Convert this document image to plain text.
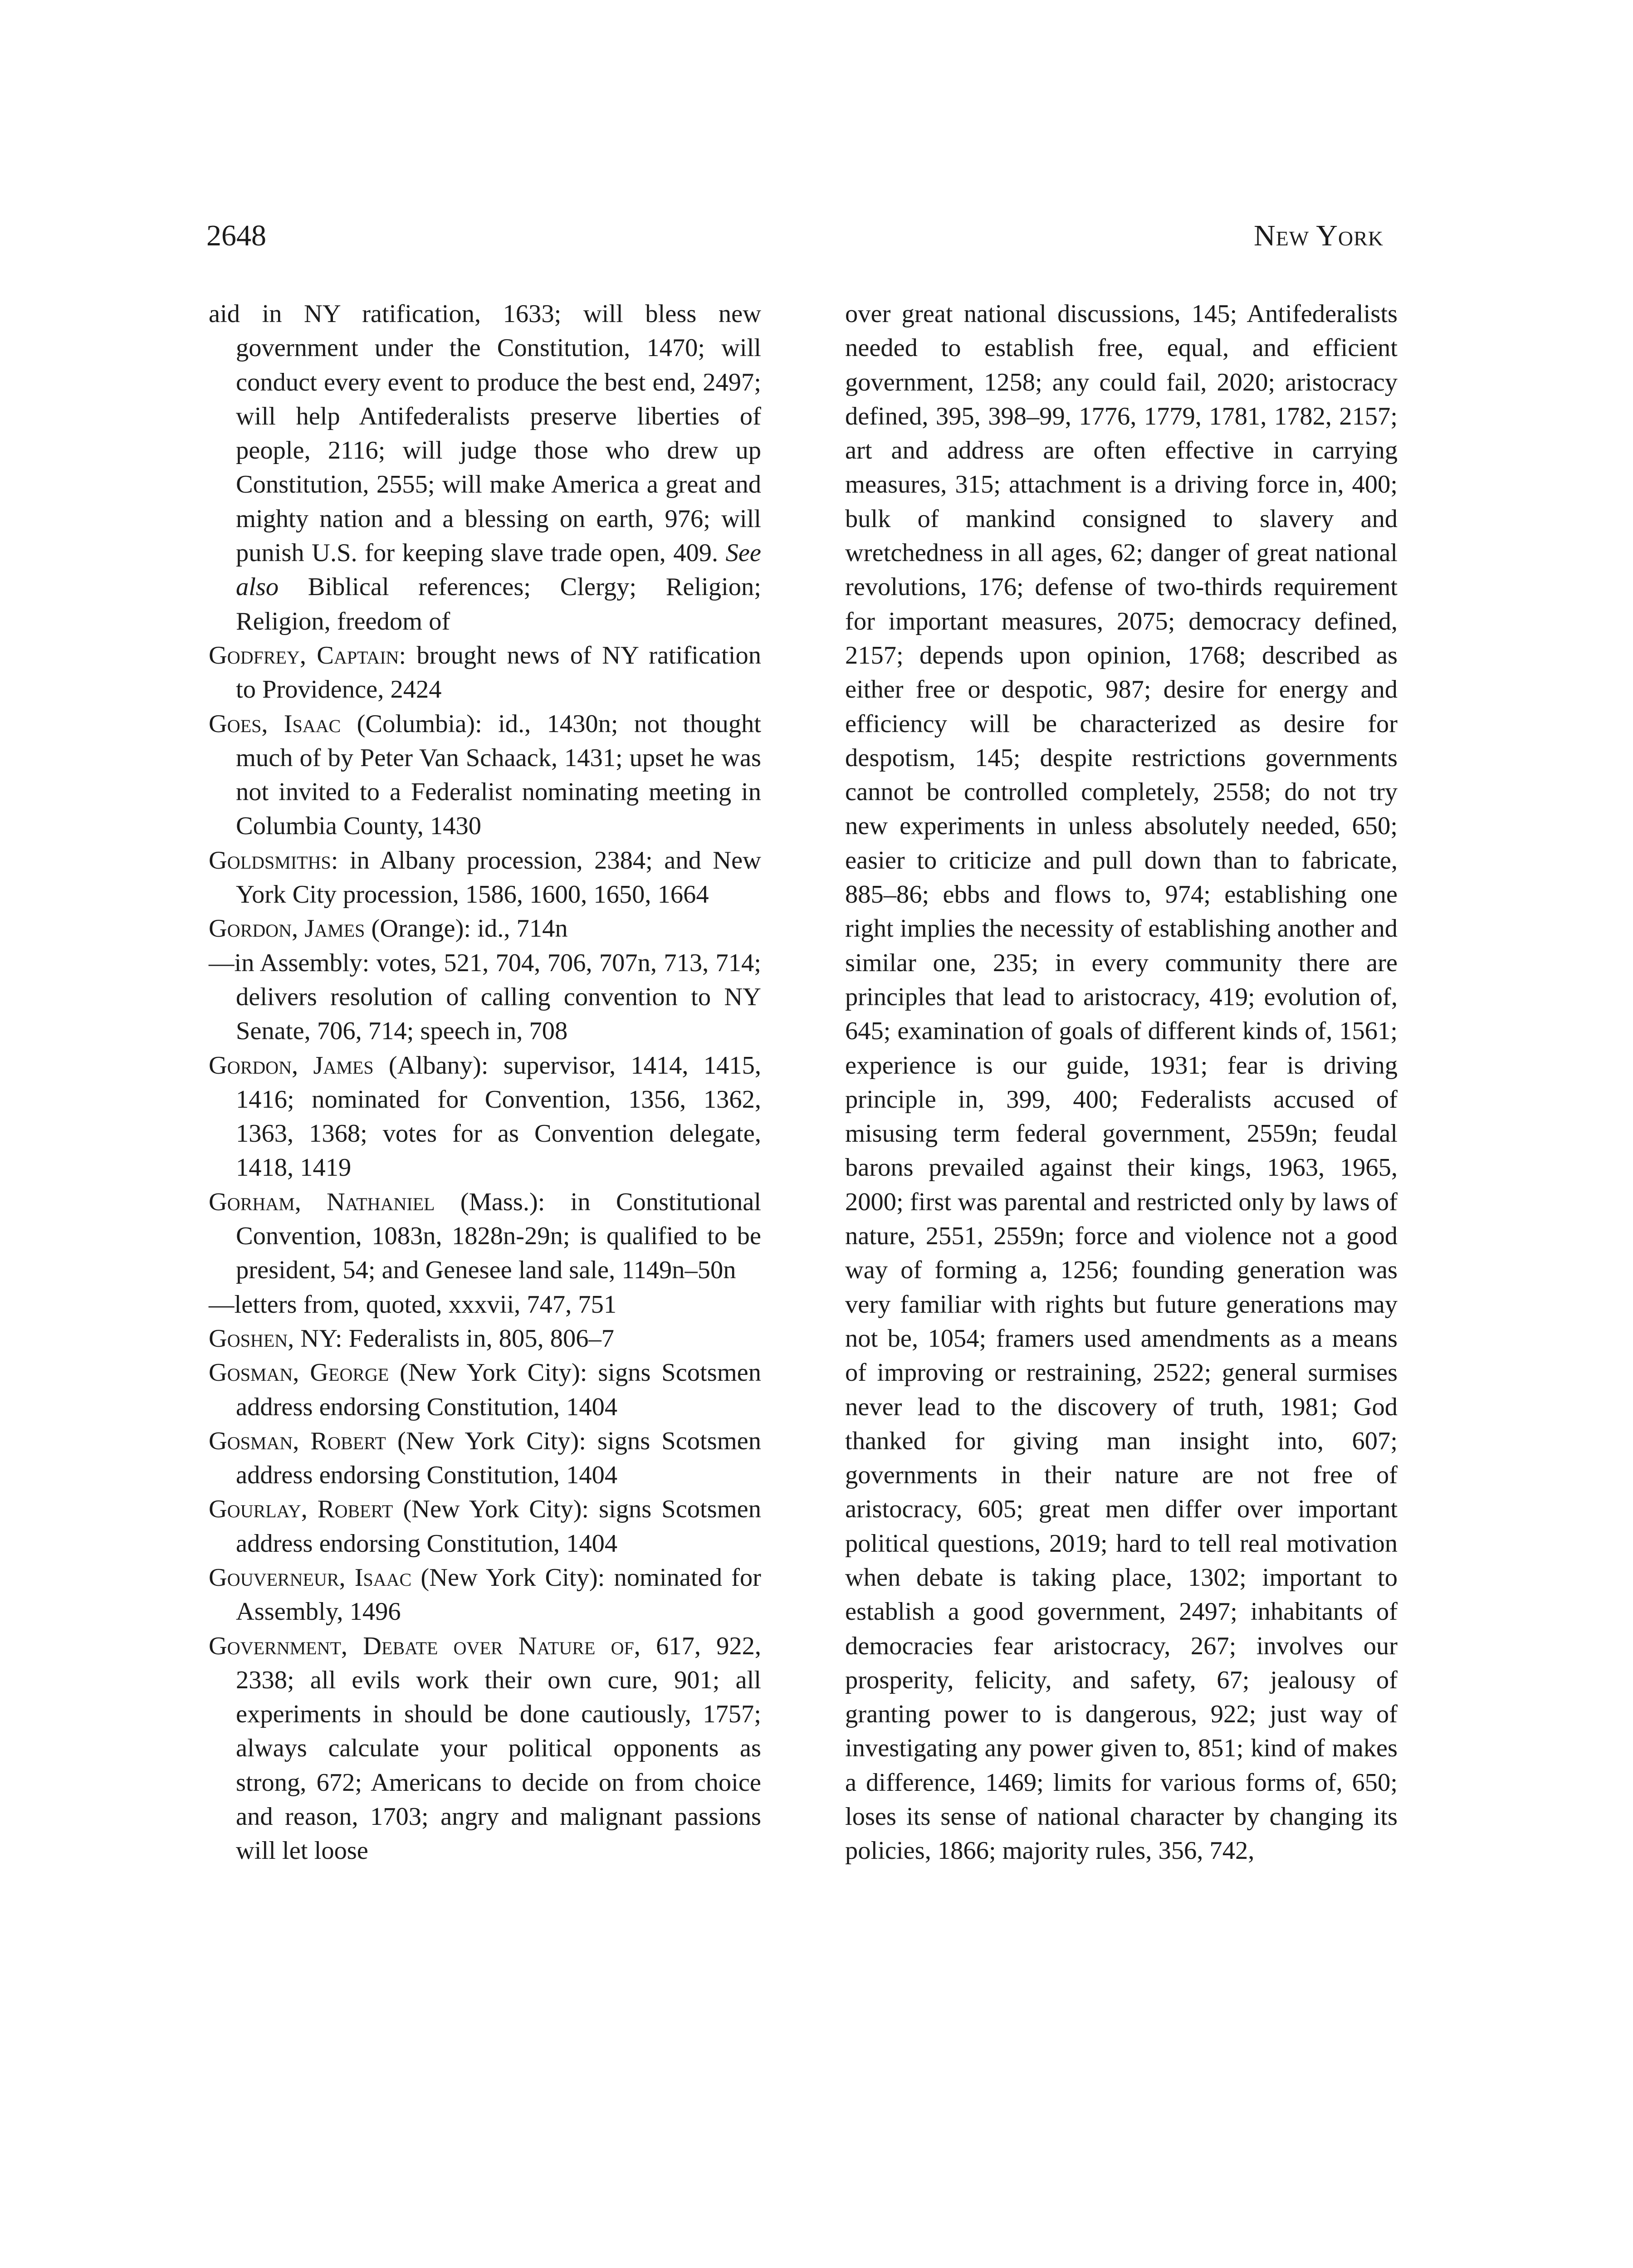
2648	New York

aid in NY ratification, 1633; will bless new government under the Constitution, 1470; will conduct every event to produce the best end, 2497; will help Antifederalists preserve liberties of people, 2116; will judge those who drew up Constitution, 2555; will make America a great and mighty nation and a blessing on earth, 976; will punish U.S. for keeping slave trade open, 409. See also Biblical references; Clergy; Religion; Religion, freedom of

Godfrey, Captain: brought news of NY ratification to Providence, 2424

Goes, Isaac (Columbia): id., 1430n; not thought much of by Peter Van Schaack, 1431; upset he was not invited to a Federalist nominating meeting in Columbia County, 1430

Goldsmiths: in Albany procession, 2384; and New York City procession, 1586, 1600, 1650, 1664

Gordon, James (Orange): id., 714n

—in Assembly: votes, 521, 704, 706, 707n, 713, 714; delivers resolution of calling convention to NY Senate, 706, 714; speech in, 708

Gordon, James (Albany): supervisor, 1414, 1415, 1416; nominated for Convention, 1356, 1362, 1363, 1368; votes for as Convention delegate, 1418, 1419

Gorham, Nathaniel (Mass.): in Constitutional Convention, 1083n, 1828n-29n; is qualified to be president, 54; and Genesee land sale, 1149n–50n

—letters from, quoted, xxxvii, 747, 751

Goshen, NY: Federalists in, 805, 806–7

Gosman, George (New York City): signs Scotsmen address endorsing Constitution, 1404

Gosman, Robert (New York City): signs Scotsmen address endorsing Constitution, 1404

Gourlay, Robert (New York City): signs Scotsmen address endorsing Constitution, 1404

Gouverneur, Isaac (New York City): nominated for Assembly, 1496

Government, Debate over Nature of, 617, 922, 2338; all evils work their own cure, 901; all experiments in should be done cautiously, 1757; always calculate your political opponents as strong, 672; Americans to decide on from choice and reason, 1703; angry and malignant passions will let loose

over great national discussions, 145; Antifederalists needed to establish free, equal, and efficient government, 1258; any could fail, 2020; aristocracy defined, 395, 398–99, 1776, 1779, 1781, 1782, 2157; art and address are often effective in carrying measures, 315; attachment is a driving force in, 400; bulk of mankind consigned to slavery and wretchedness in all ages, 62; danger of great national revolutions, 176; defense of two-thirds requirement for important measures, 2075; democracy defined, 2157; depends upon opinion, 1768; described as either free or despotic, 987; desire for energy and efficiency will be characterized as desire for despotism, 145; despite restrictions governments cannot be controlled completely, 2558; do not try new experiments in unless absolutely needed, 650; easier to criticize and pull down than to fabricate, 885–86; ebbs and flows to, 974; establishing one right implies the necessity of establishing another and similar one, 235; in every community there are principles that lead to aristocracy, 419; evolution of, 645; examination of goals of different kinds of, 1561; experience is our guide, 1931; fear is driving principle in, 399, 400; Federalists accused of misusing term federal government, 2559n; feudal barons prevailed against their kings, 1963, 1965, 2000; first was parental and restricted only by laws of nature, 2551, 2559n; force and violence not a good way of forming a, 1256; founding generation was very familiar with rights but future generations may not be, 1054; framers used amendments as a means of improving or restraining, 2522; general surmises never lead to the discovery of truth, 1981; God thanked for giving man insight into, 607; governments in their nature are not free of aristocracy, 605; great men differ over important political questions, 2019; hard to tell real motivation when debate is taking place, 1302; important to establish a good government, 2497; inhabitants of democracies fear aristocracy, 267; involves our prosperity, felicity, and safety, 67; jealousy of granting power to is dangerous, 922; just way of investigating any power given to, 851; kind of makes a difference, 1469; limits for various forms of, 650; loses its sense of national character by changing its policies, 1866; majority rules, 356, 742,
